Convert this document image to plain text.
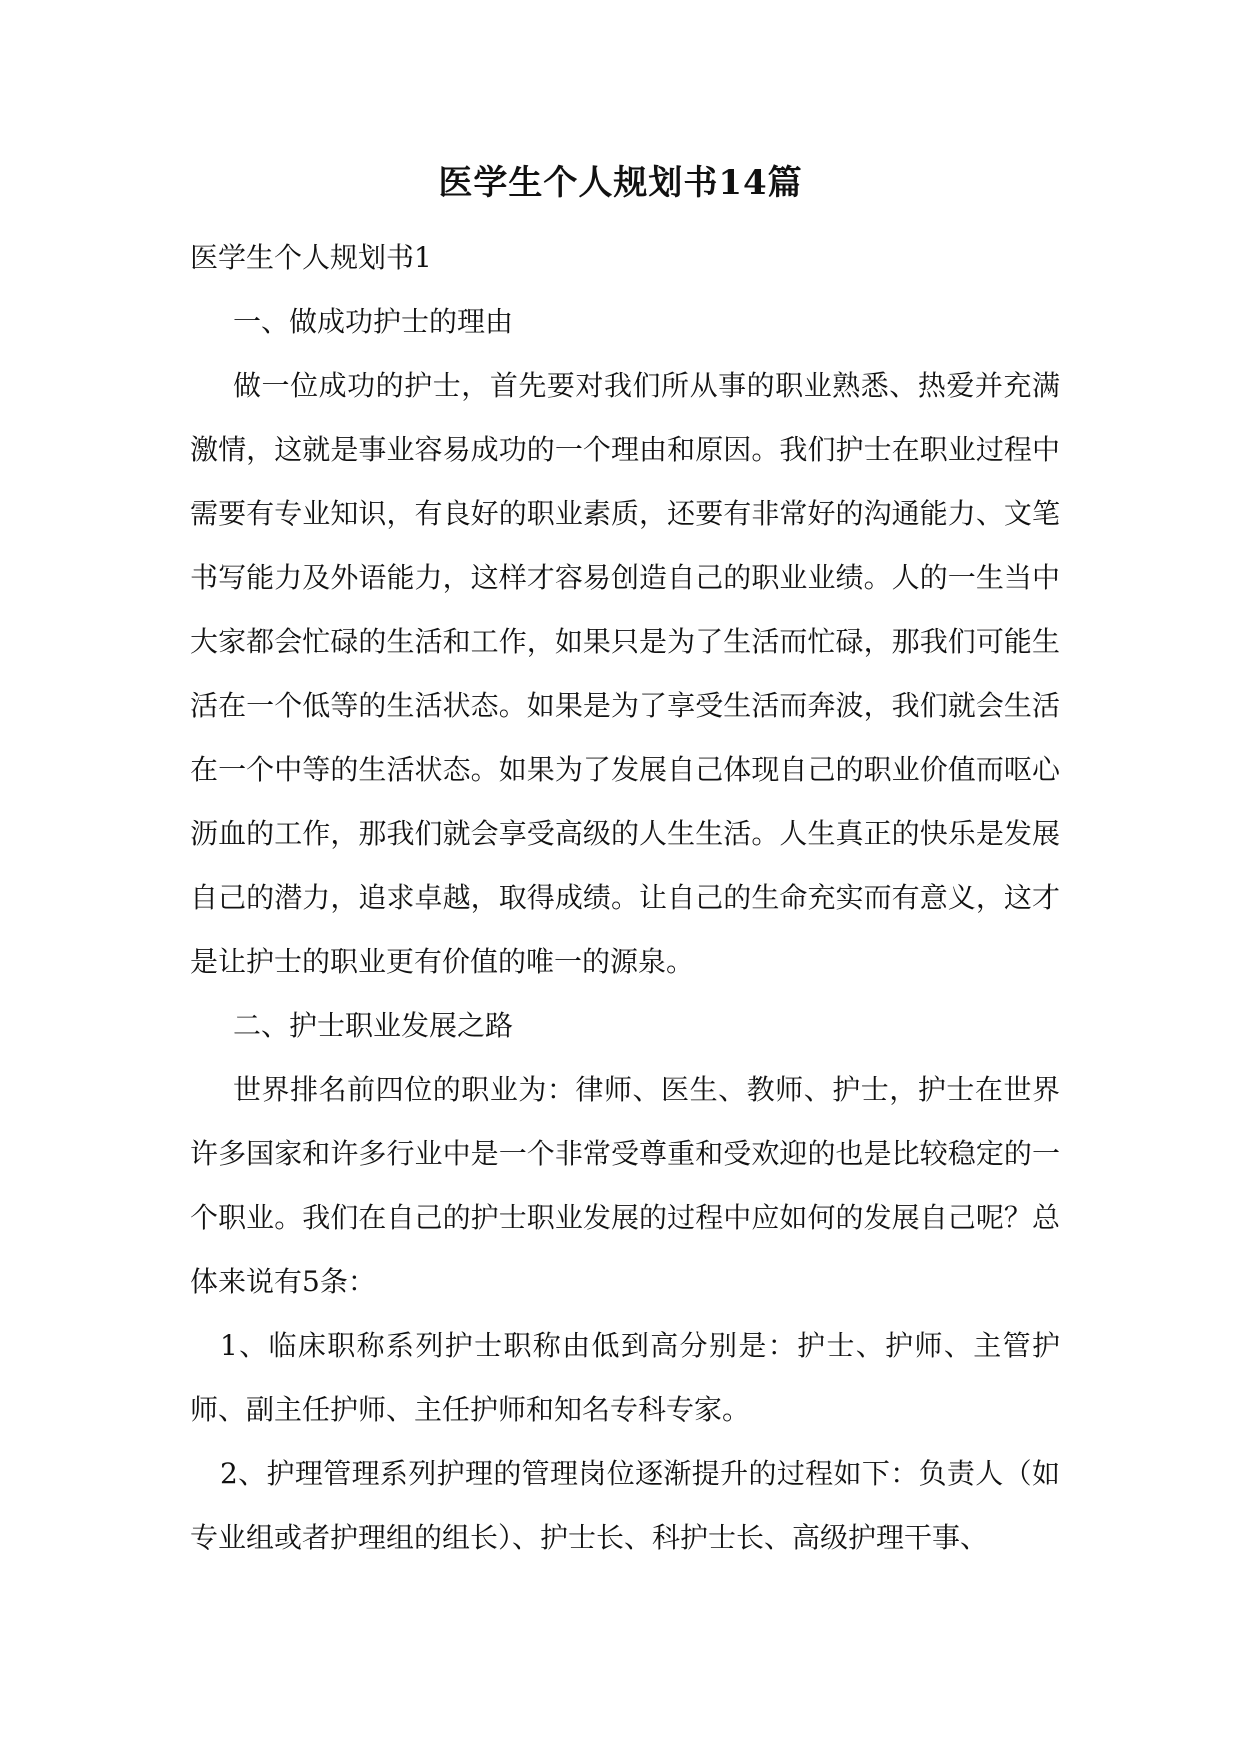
医学生个人规划书14篇

医学生个人规划书1

一、做成功护士的理由

做一位成功的护士，首先要对我们所从事的职业熟悉、热爱并充满激情，这就是事业容易成功的一个理由和原因。我们护士在职业过程中需要有专业知识，有良好的职业素质，还要有非常好的沟通能力、文笔书写能力及外语能力，这样才容易创造自己的职业业绩。人的一生当中大家都会忙碌的生活和工作，如果只是为了生活而忙碌，那我们可能生活在一个低等的生活状态。如果是为了享受生活而奔波，我们就会生活在一个中等的生活状态。如果为了发展自己体现自己的职业价值而呕心沥血的工作，那我们就会享受高级的人生生活。人生真正的快乐是发展自己的潜力，追求卓越，取得成绩。让自己的生命充实而有意义，这才是让护士的职业更有价值的唯一的源泉。

二、护士职业发展之路

世界排名前四位的职业为：律师、医生、教师、护士，护士在世界许多国家和许多行业中是一个非常受尊重和受欢迎的也是比较稳定的一个职业。我们在自己的护士职业发展的过程中应如何的发展自己呢？总体来说有5条：

1、临床职称系列护士职称由低到高分别是：护士、护师、主管护师、副主任护师、主任护师和知名专科专家。

2、护理管理系列护理的管理岗位逐渐提升的过程如下：负责人（如专业组或者护理组的组长）、护士长、科护士长、高级护理干事、
